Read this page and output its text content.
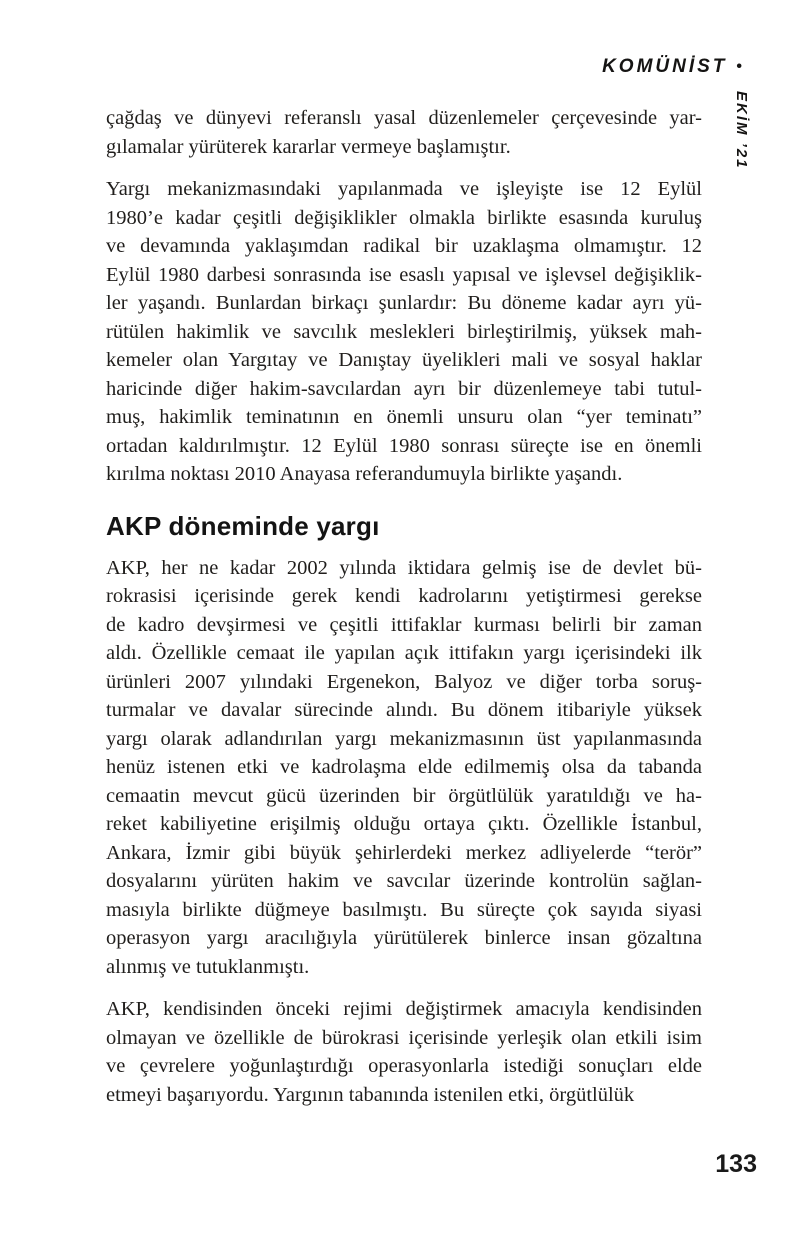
KOMÜNİST •
EKİM ’21
çağdaş ve dünyevi referanslı yasal düzenlemeler çerçevesinde yar-
gılamalar yürüterek kararlar vermeye başlamıştır.
Yargı mekanizmasındaki yapılanmada ve işleyişte ise 12 Eylül
1980’e kadar çeşitli değişiklikler olmakla birlikte esasında kuruluş
ve devamında yaklaşımdan radikal bir uzaklaşma olmamıştır. 12
Eylül 1980 darbesi sonrasında ise esaslı yapısal ve işlevsel değişiklik-
ler yaşandı. Bunlardan birkaçı şunlardır: Bu döneme kadar ayrı yü-
rütülen hakimlik ve savcılık meslekleri birleştirilmiş, yüksek mah-
kemeler olan Yargıtay ve Danıştay üyelikleri mali ve sosyal haklar
haricinde diğer hakim-savcılardan ayrı bir düzenlemeye tabi tutul-
muş, hakimlik teminatının en önemli unsuru olan “yer teminatı”
ortadan kaldırılmıştır. 12 Eylül 1980 sonrası süreçte ise en önemli
kırılma noktası 2010 Anayasa referandumuyla birlikte yaşandı.
AKP döneminde yargı
AKP, her ne kadar 2002 yılında iktidara gelmiş ise de devlet bü-
rokrasisi içerisinde gerek kendi kadrolarını yetiştirmesi gerekse
de kadro devşirmesi ve çeşitli ittifaklar kurması belirli bir zaman
aldı. Özellikle cemaat ile yapılan açık ittifakın yargı içerisindeki ilk
ürünleri 2007 yılındaki Ergenekon, Balyoz ve diğer torba soruş-
turmalar ve davalar sürecinde alındı. Bu dönem itibariyle yüksek
yargı olarak adlandırılan yargı mekanizmasının üst yapılanmasında
henüz istenen etki ve kadrolaşma elde edilmemiş olsa da tabanda
cemaatin mevcut gücü üzerinden bir örgütlülük yaratıldığı ve ha-
reket kabiliyetine erişilmiş olduğu ortaya çıktı. Özellikle İstanbul,
Ankara, İzmir gibi büyük şehirlerdeki merkez adliyelerde “terör”
dosyalarını yürüten hakim ve savcılar üzerinde kontrolün sağlan-
masıyla birlikte düğmeye basılmıştı. Bu süreçte çok sayıda siyasi
operasyon yargı aracılığıyla yürütülerek binlerce insan gözaltına
alınmış ve tutuklanmıştı.
AKP, kendisinden önceki rejimi değiştirmek amacıyla kendisinden
olmayan ve özellikle de bürokrasi içerisinde yerleşik olan etkili isim
ve çevrelere yoğunlaştırdığı operasyonlarla istediği sonuçları elde
etmeyi başarıyordu. Yargının tabanında istenilen etki, örgütlülük
133
